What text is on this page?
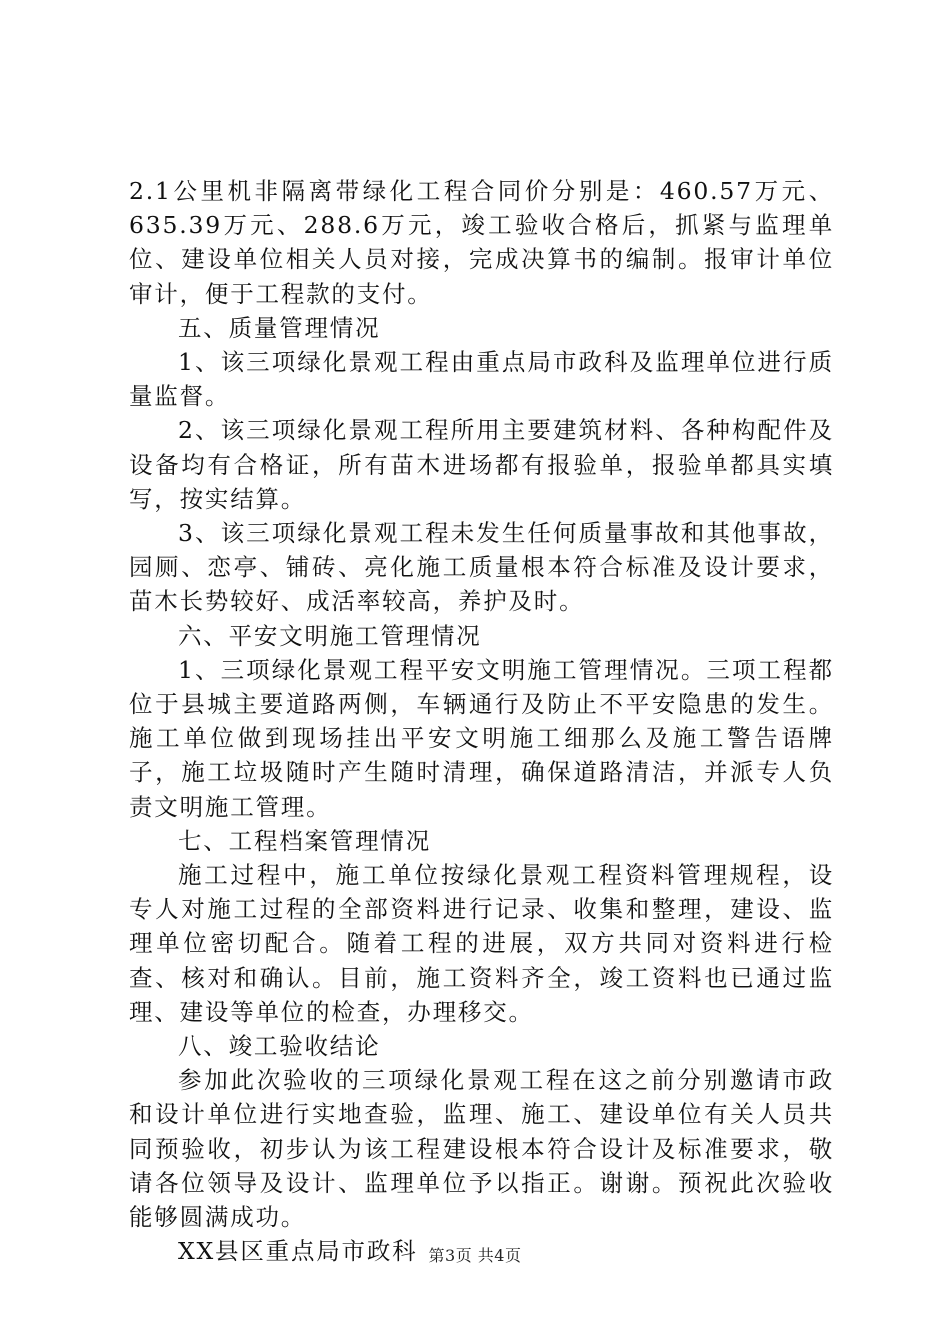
2.1公里机非隔离带绿化工程合同价分别是：460.57万元、635.39万元、288.6万元，竣工验收合格后，抓紧与监理单位、建设单位相关人员对接，完成决算书的编制。报审计单位审计，便于工程款的支付。

五、质量管理情况

1、该三项绿化景观工程由重点局市政科及监理单位进行质量监督。

2、该三项绿化景观工程所用主要建筑材料、各种构配件及设备均有合格证，所有苗木进场都有报验单，报验单都具实填写，按实结算。

3、该三项绿化景观工程未发生任何质量事故和其他事故，园厕、恋亭、铺砖、亮化施工质量根本符合标准及设计要求，苗木长势较好、成活率较高，养护及时。

六、平安文明施工管理情况

1、三项绿化景观工程平安文明施工管理情况。三项工程都位于县城主要道路两侧，车辆通行及防止不平安隐患的发生。施工单位做到现场挂出平安文明施工细那么及施工警告语牌子，施工垃圾随时产生随时清理，确保道路清洁，并派专人负责文明施工管理。

七、工程档案管理情况

施工过程中，施工单位按绿化景观工程资料管理规程，设专人对施工过程的全部资料进行记录、收集和整理，建设、监理单位密切配合。随着工程的进展，双方共同对资料进行检查、核对和确认。目前，施工资料齐全，竣工资料也已通过监理、建设等单位的检查，办理移交。

八、竣工验收结论

参加此次验收的三项绿化景观工程在这之前分别邀请市政和设计单位进行实地查验，监理、施工、建设单位有关人员共同预验收，初步认为该工程建设根本符合设计及标准要求，敬请各位领导及设计、监理单位予以指正。谢谢。预祝此次验收能够圆满成功。

XX县区重点局市政科 第3页 共4页
